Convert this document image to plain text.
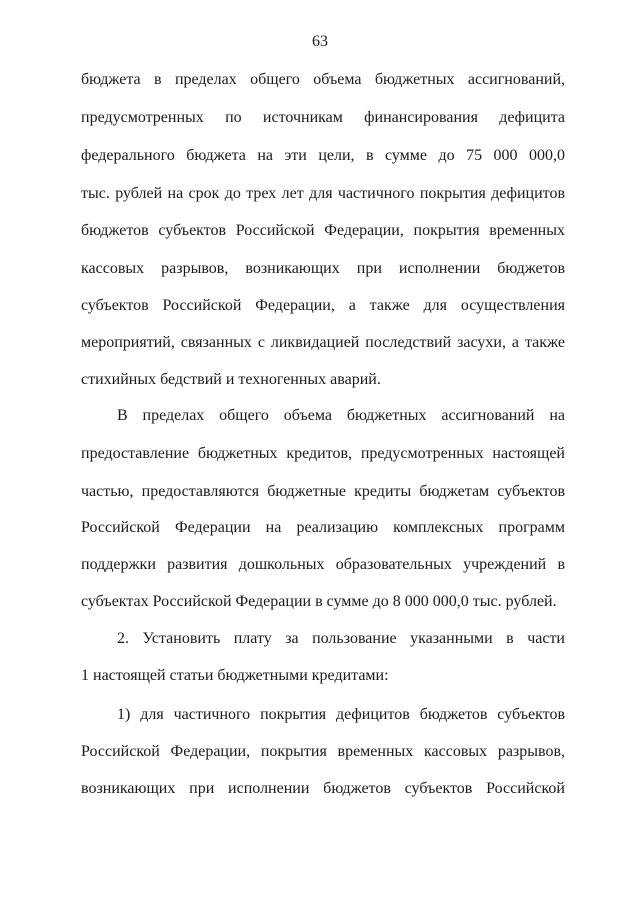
63
бюджета в пределах общего объема бюджетных ассигнований,
предусмотренных по источникам финансирования дефицита
федерального бюджета на эти цели, в сумме до 75 000 000,0
тыс. рублей на срок до трех лет для частичного покрытия дефицитов
бюджетов субъектов Российской Федерации, покрытия временных
кассовых разрывов, возникающих при исполнении бюджетов
субъектов Российской Федерации, а также для осуществления
мероприятий, связанных с ликвидацией последствий засухи, а также
стихийных бедствий и техногенных аварий.
В пределах общего объема бюджетных ассигнований на
предоставление бюджетных кредитов, предусмотренных настоящей
частью, предоставляются бюджетные кредиты бюджетам субъектов
Российской Федерации на реализацию комплексных программ
поддержки развития дошкольных образовательных учреждений в
субъектах Российской Федерации в сумме до 8 000 000,0 тыс. рублей.
2. Установить плату за пользование указанными в части
1 настоящей статьи бюджетными кредитами:
1) для частичного покрытия дефицитов бюджетов субъектов
Российской Федерации, покрытия временных кассовых разрывов,
возникающих при исполнении бюджетов субъектов Российской
